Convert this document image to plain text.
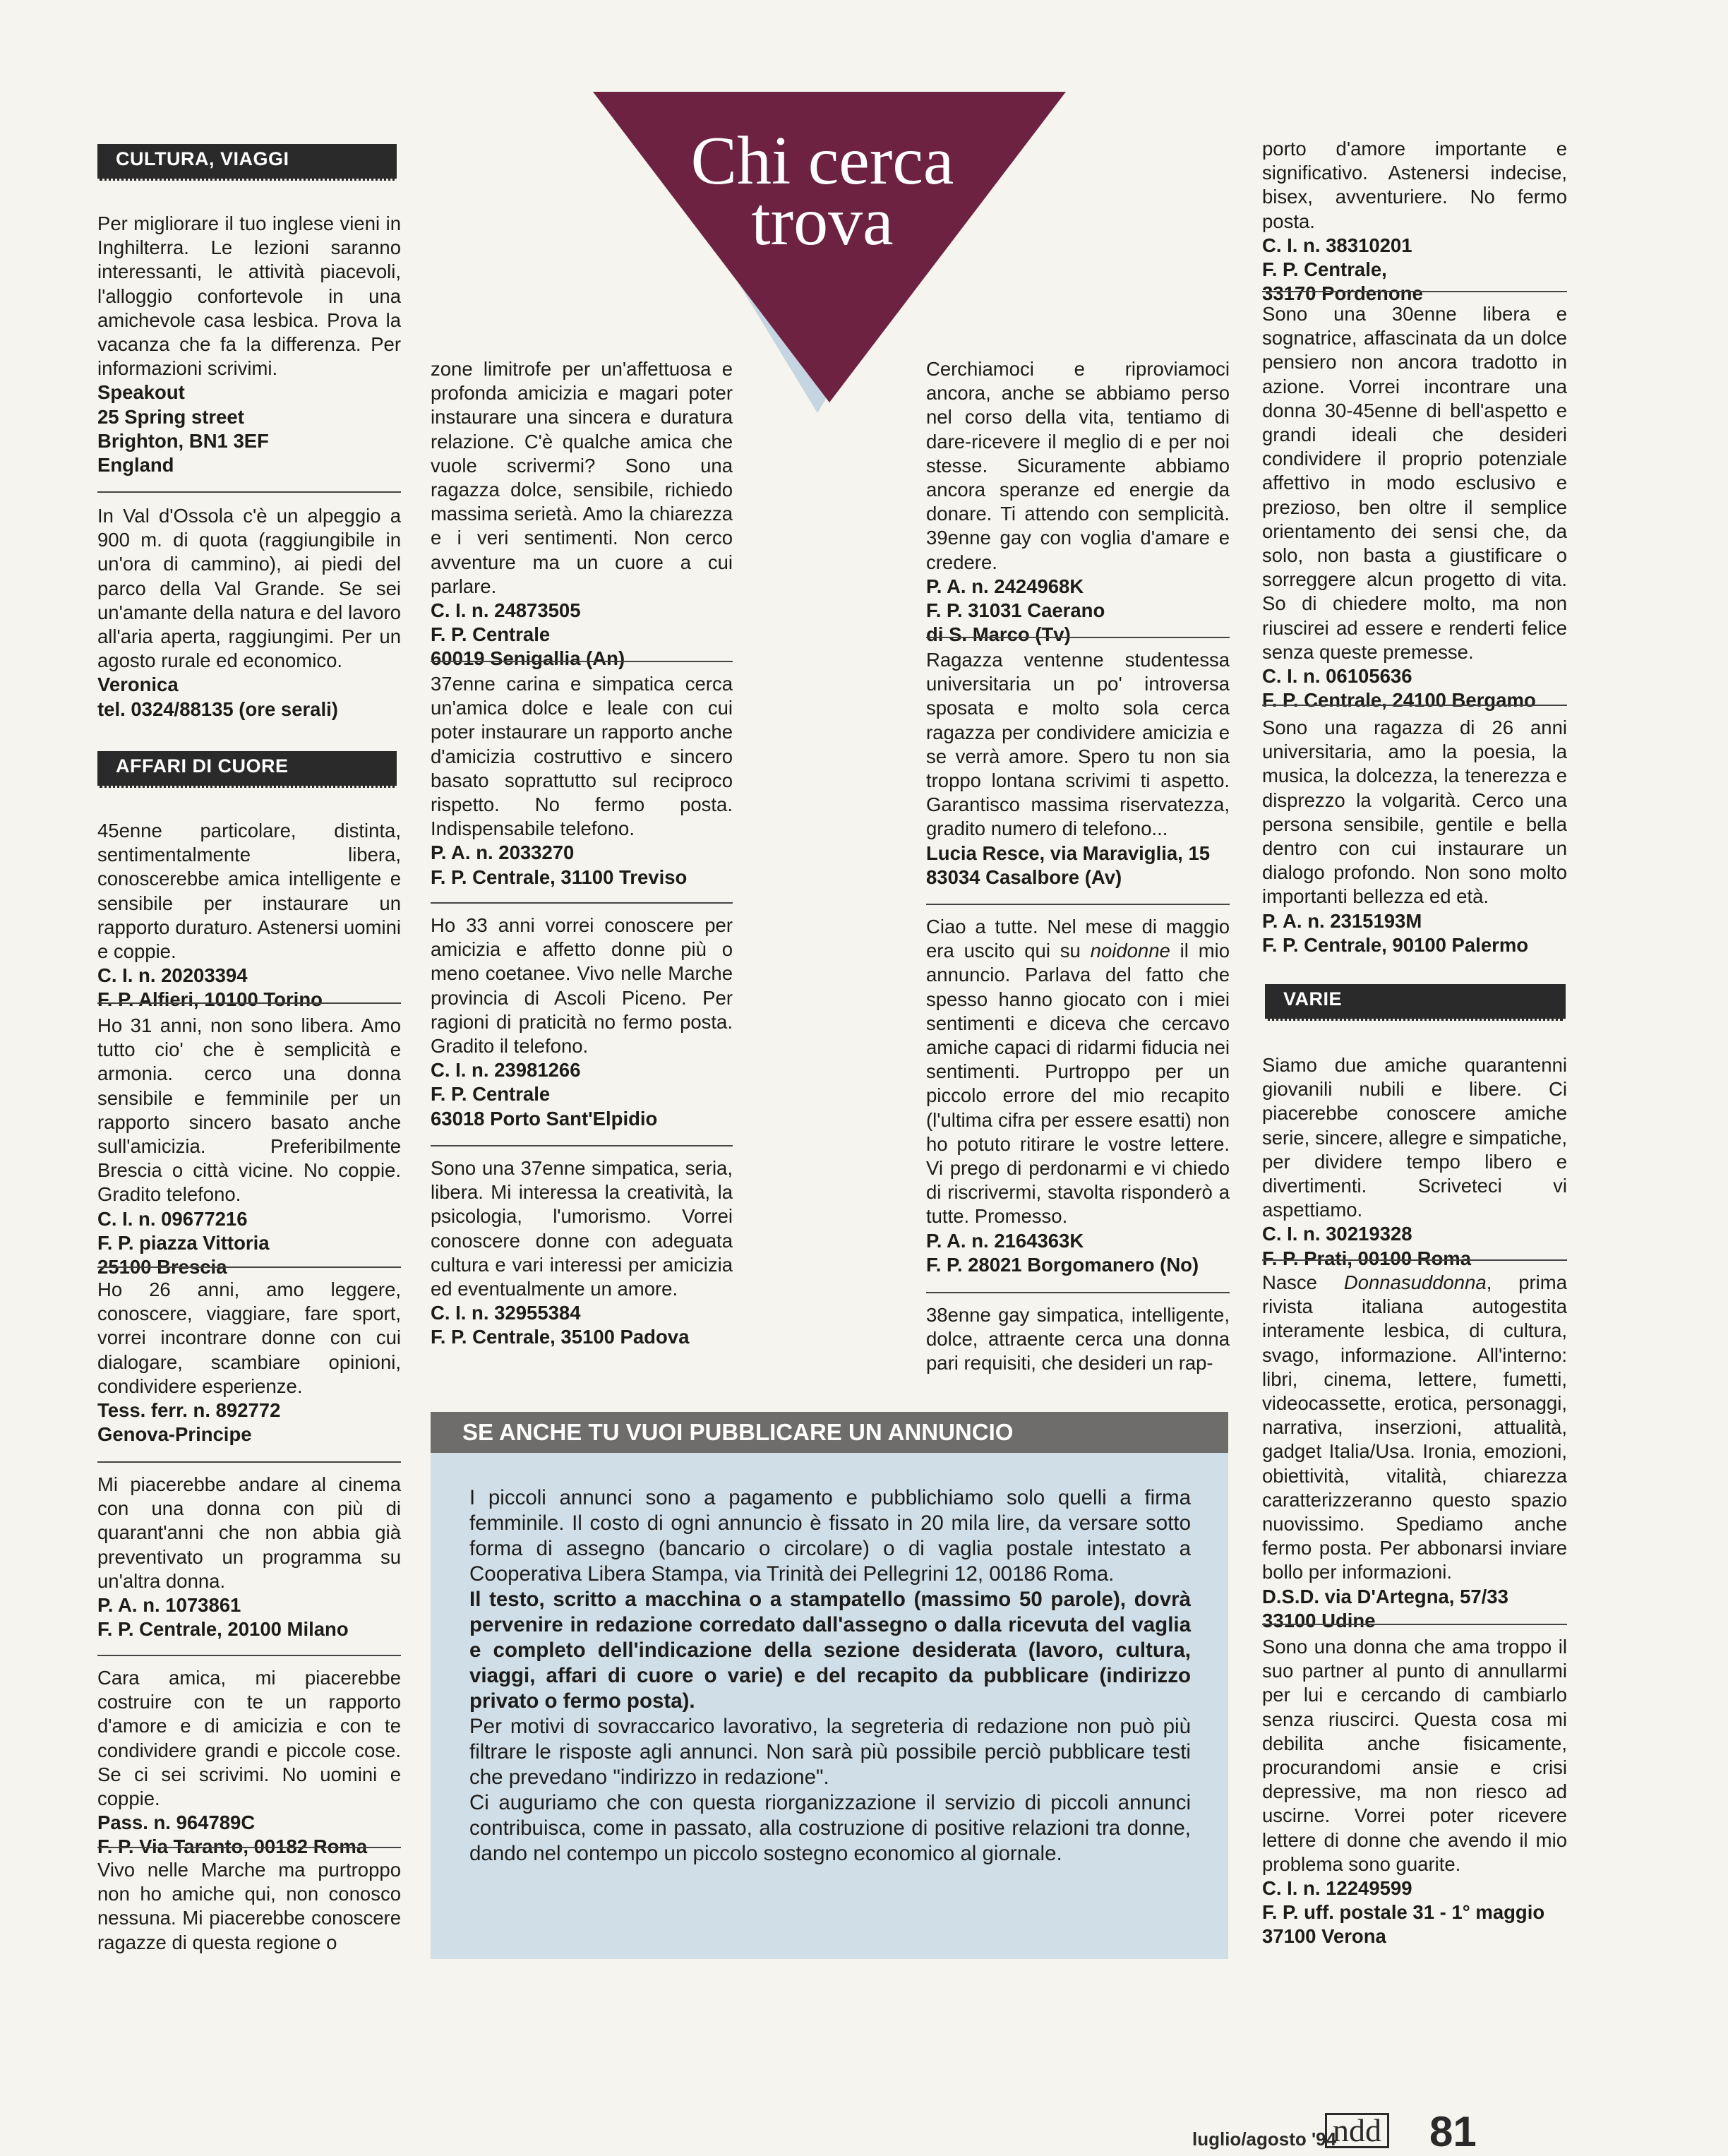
Chi cerca
trova
CULTURA, VIAGGI
AFFARI DI CUORE
VARIE

Per migliorare il tuo inglese vieni in Inghilterra. Le lezioni saranno interessanti, le attività piacevoli, l'alloggio confortevole in una amichevole casa lesbica. Prova la vacanza che fa la differenza. Per informazioni scrivimi.

Speakout

25 Spring street

Brighton, BN1 3EF

England

In Val d'Ossola c'è un alpeggio a 900 m. di quota (raggiungibile in un'ora di cammino), ai piedi del parco della Val Grande. Se sei un'amante della natura e del lavoro all'aria aperta, raggiungimi. Per un agosto rurale ed economico.

Veronica

tel. 0324/88135 (ore serali)

45enne particolare, distinta, sentimentalmente libera, conoscerebbe amica intelligente e sensibile per instaurare un rapporto duraturo. Astenersi uomini e coppie.

C. I. n. 20203394

F. P. Alfieri, 10100 Torino

Ho 31 anni, non sono libera. Amo tutto cio' che è semplicità e armonia. cerco una donna sensibile e femminile per un rapporto sincero basato anche sull'amicizia. Preferibilmente Brescia o città vicine. No coppie. Gradito telefono.

C. I. n. 09677216

F. P. piazza Vittoria

25100 Brescia

Ho 26 anni, amo leggere, conoscere, viaggiare, fare sport, vorrei incontrare donne con cui dialogare, scambiare opinioni, condividere esperienze.

Tess. ferr. n. 892772

Genova-Principe

Mi piacerebbe andare al cinema con una donna con più di quarant'anni che non abbia già preventivato un programma su un'altra donna.

P. A. n. 1073861

F. P. Centrale, 20100 Milano

Cara amica, mi piacerebbe costruire con te un rapporto d'amore e di amicizia e con te condividere grandi e piccole cose. Se ci sei scrivimi. No uomini e coppie.

Pass. n. 964789C

F. P. Via Taranto, 00182 Roma

Vivo nelle Marche ma purtroppo non ho amiche qui, non conosco nessuna. Mi piacerebbe conoscere ragazze di questa regione o

zone limitrofe per un'affettuosa e profonda amicizia e magari poter instaurare una sincera e duratura relazione. C'è qualche amica che vuole scrivermi? Sono una ragazza dolce, sensibile, richiedo massima serietà. Amo la chiarezza e i veri sentimenti. Non cerco avventure ma un cuore a cui parlare.

C. I. n. 24873505

F. P. Centrale

60019 Senigallia (An)

37enne carina e simpatica cerca un'amica dolce e leale con cui poter instaurare un rapporto anche d'amicizia costruttivo e sincero basato soprattutto sul reciproco rispetto. No fermo posta. Indispensabile telefono.

P. A. n. 2033270

F. P. Centrale, 31100 Treviso

Ho 33 anni vorrei conoscere per amicizia e affetto donne più o meno coetanee. Vivo nelle Marche provincia di Ascoli Piceno. Per ragioni di praticità no fermo posta. Gradito il telefono.

C. I. n. 23981266

F. P. Centrale

63018 Porto Sant'Elpidio

Sono una 37enne simpatica, seria, libera. Mi interessa la creatività, la psicologia, l'umorismo. Vorrei conoscere donne con adeguata cultura e vari interessi per amicizia ed eventualmente un amore.

C. I. n. 32955384

F. P. Centrale, 35100 Padova

Cerchiamoci e riproviamoci ancora, anche se abbiamo perso nel corso della vita, tentiamo di dare-ricevere il meglio di e per noi stesse. Sicuramente abbiamo ancora speranze ed energie da donare. Ti attendo con semplicità. 39enne gay con voglia d'amare e credere.

P. A. n. 2424968K

F. P. 31031 Caerano

di S. Marco (Tv)

Ragazza ventenne studentessa universitaria un po' introversa sposata e molto sola cerca ragazza per condividere amicizia e se verrà amore. Spero tu non sia troppo lontana scrivimi ti aspetto. Garantisco massima riservatezza, gradito numero di telefono...

Lucia Resce, via Maraviglia, 15

83034 Casalbore (Av)

Ciao a tutte. Nel mese di maggio era uscito qui su noidonne il mio annuncio. Parlava del fatto che spesso hanno giocato con i miei sentimenti e diceva che cercavo amiche capaci di ridarmi fiducia nei sentimenti. Purtroppo per un piccolo errore del mio recapito (l'ultima cifra per essere esatti) non ho potuto ritirare le vostre lettere. Vi prego di perdonarmi e vi chiedo di riscrivermi, stavolta risponderò a tutte. Promesso.

P. A. n. 2164363K

F. P. 28021 Borgomanero (No)

38enne gay simpatica, intelligente, dolce, attraente cerca una donna pari requisiti, che desideri un rap-

porto d'amore importante e significativo. Astenersi indecise, bisex, avventuriere. No fermo posta.

C. I. n. 38310201

F. P. Centrale,

33170 Pordenone

Sono una 30enne libera e sognatrice, affascinata da un dolce pensiero non ancora tradotto in azione. Vorrei incontrare una donna 30-45enne di bell'aspetto e grandi ideali che desideri condividere il proprio potenziale affettivo in modo esclusivo e prezioso, ben oltre il semplice orientamento dei sensi che, da solo, non basta a giustificare o sorreggere alcun progetto di vita. So di chiedere molto, ma non riuscirei ad essere e renderti felice senza queste premesse.

C. I. n. 06105636

F. P. Centrale, 24100 Bergamo

Sono una ragazza di 26 anni universitaria, amo la poesia, la musica, la dolcezza, la tenerezza e disprezzo la volgarità. Cerco una persona sensibile, gentile e bella dentro con cui instaurare un dialogo profondo. Non sono molto importanti bellezza ed età.

P. A. n. 2315193M

F. P. Centrale, 90100 Palermo

Siamo due amiche quarantenni giovanili nubili e libere. Ci piacerebbe conoscere amiche serie, sincere, allegre e simpatiche, per dividere tempo libero e divertimenti. Scriveteci vi aspettiamo.

C. I. n. 30219328

F. P. Prati, 00100 Roma

Nasce Donnasuddonna, prima rivista italiana autogestita interamente lesbica, di cultura, svago, informazione. All'interno: libri, cinema, lettere, fumetti, videocassette, erotica, personaggi, narrativa, inserzioni, attualità, gadget Italia/Usa. Ironia, emozioni, obiettività, vitalità, chiarezza caratterizzeranno questo spazio nuovissimo. Spediamo anche fermo posta. Per abbonarsi inviare bollo per informazioni.

D.S.D. via D'Artegna, 57/33

33100 Udine

Sono una donna che ama troppo il suo partner al punto di annullarmi per lui e cercando di cambiarlo senza riuscirci. Questa cosa mi debilita anche fisicamente, procurandomi ansie e crisi depressive, ma non riesco ad uscirne. Vorrei poter ricevere lettere di donne che avendo il mio problema sono guarite.

C. I. n. 12249599

F. P. uff. postale 31 - 1° maggio

37100 Verona

SE ANCHE TU VUOI PUBBLICARE UN ANNUNCIO

I piccoli annunci sono a pagamento e pubblichiamo solo quelli a firma femminile. Il costo di ogni annuncio è fissato in 20 mila lire, da versare sotto forma di assegno (bancario o circolare) o di vaglia postale intestato a Cooperativa Libera Stampa, via Trinità dei Pellegrini 12, 00186 Roma.

Il testo, scritto a macchina o a stampatello (massimo 50 parole), dovrà pervenire in redazione corredato dall'assegno o dalla ricevuta del vaglia e completo dell'indicazione della sezione desiderata (lavoro, cultura, viaggi, affari di cuore o varie) e del recapito da pubblicare (indirizzo privato o fermo posta).

Per motivi di sovraccarico lavorativo, la segreteria di redazione non può più filtrare le risposte agli annunci. Non sarà più possibile perciò pubblicare testi che prevedano "indirizzo in redazione".

Ci auguriamo che con questa riorganizzazione il servizio di piccoli annunci contribuisca, come in passato, alla costruzione di positive relazioni tra donne, dando nel contempo un piccolo sostegno economico al giornale.

luglio/agosto '94
ndd 81
